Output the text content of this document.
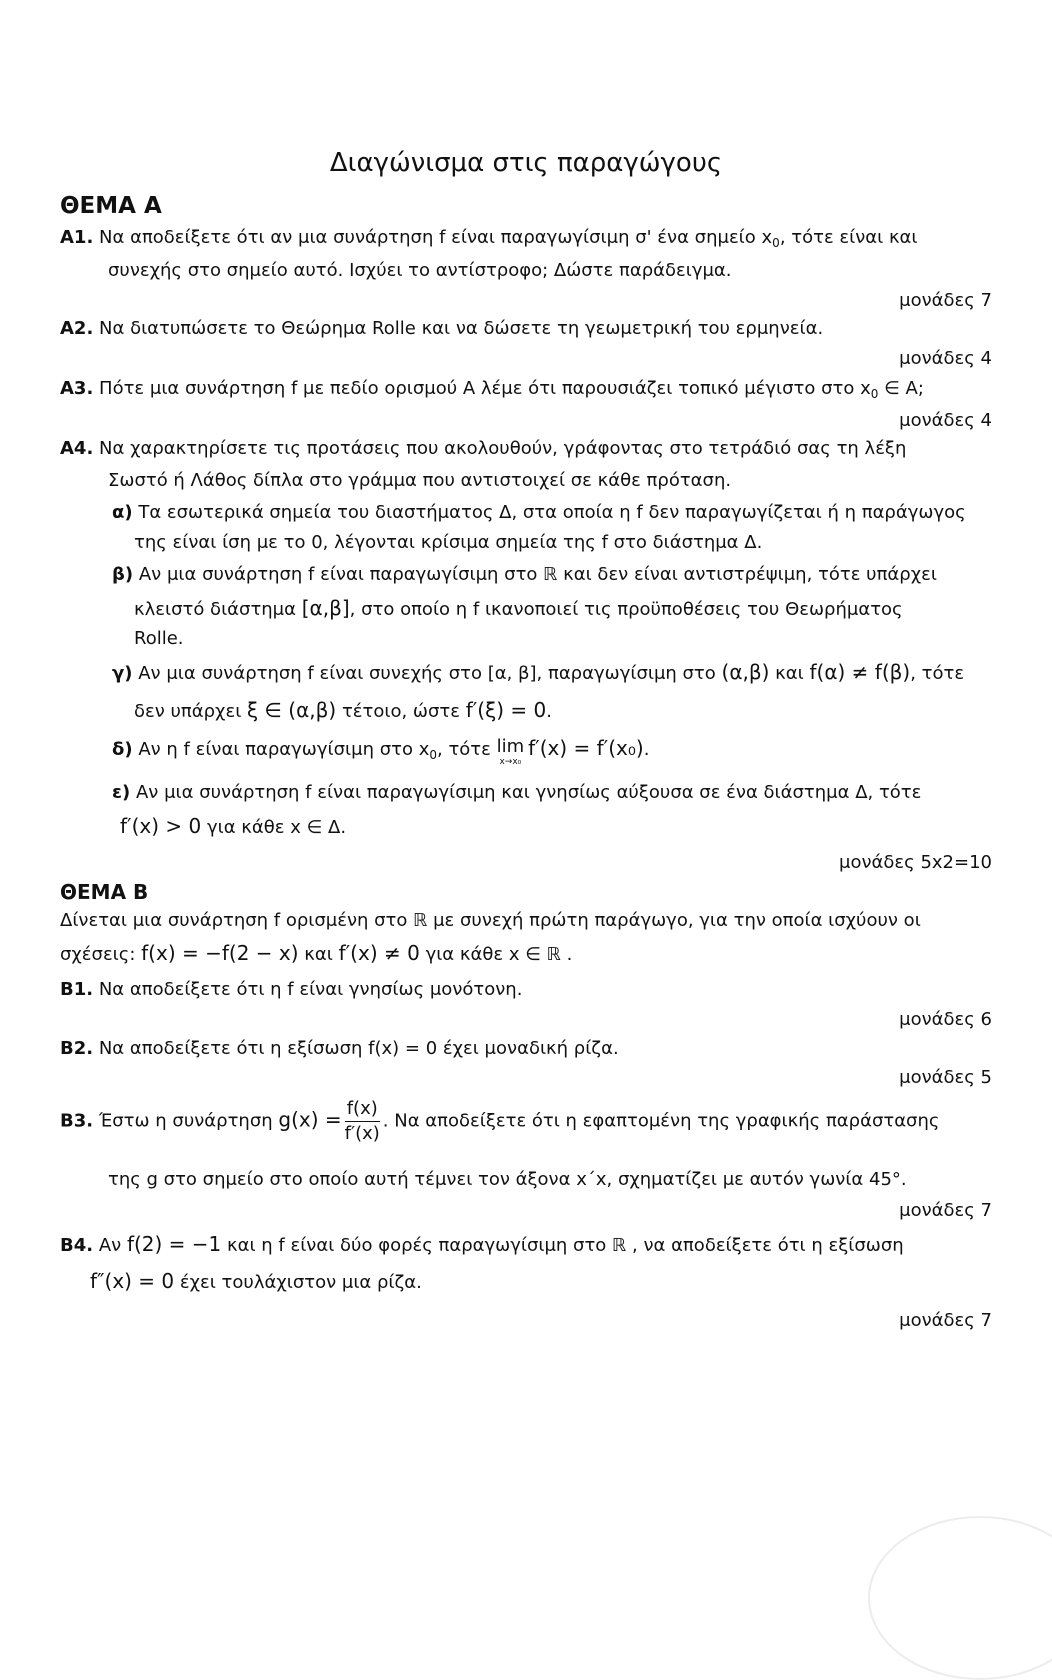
Διαγώνισμα στις παραγώγους
ΘΕΜΑ Α
Α1. Να αποδείξετε ότι αν μια συνάρτηση f είναι παραγωγίσιμη σ' ένα σημείο $x_0$, τότε είναι και
συνεχής στο σημείο αυτό. Ισχύει το αντίστροφο; Δώστε παράδειγμα.
μονάδες 7
Α2. Να διατυπώσετε το Θεώρημα Rolle και να δώσετε τη γεωμετρική του ερμηνεία.
μονάδες 4
Α3. Πότε μια συνάρτηση f με πεδίο ορισμού Α λέμε ότι παρουσιάζει τοπικό μέγιστο στο $x_0$ ∈ A;
μονάδες 4
Α4. Να χαρακτηρίσετε τις προτάσεις που ακολουθούν, γράφοντας στο τετράδιό σας τη λέξη
Σωστό ή Λάθος δίπλα στο γράμμα που αντιστοιχεί σε κάθε πρόταση.
α) Τα εσωτερικά σημεία του διαστήματος Δ, στα οποία η f δεν παραγωγίζεται ή η παράγωγος
της είναι ίση με το 0, λέγονται κρίσιμα σημεία της f στο διάστημα Δ.
β) Αν μια συνάρτηση f είναι παραγωγίσιμη στο ℝ και δεν είναι αντιστρέψιμη, τότε υπάρχει
κλειστό διάστημα [α,β], στο οποίο η f ικανοποιεί τις προϋποθέσεις του Θεωρήματος
Rolle.
γ) Αν μια συνάρτηση f είναι συνεχής στο [α, β], παραγωγίσιμη στο (α,β) και f(α) ≠ f(β), τότε
δεν υπάρχει ξ ∈ (α,β) τέτοιο, ώστε f′(ξ) = 0.
δ) Αν η f είναι παραγωγίσιμη στο $x_0$, τότε lim
x→x₀
f′(x) = f′(x₀).
ε) Αν μια συνάρτηση f είναι παραγωγίσιμη και γνησίως αύξουσα σε ένα διάστημα Δ, τότε
f′(x) > 0 για κάθε x ∈ Δ.
μονάδες 5x2=10
ΘΕΜΑ Β
Δίνεται μια συνάρτηση f ορισμένη στο ℝ με συνεχή πρώτη παράγωγο, για την οποία ισχύουν οι
σχέσεις: f(x) = −f(2 − x) και f′(x) ≠ 0 για κάθε x ∈ ℝ .
Β1. Να αποδείξετε ότι η f είναι γνησίως μονότονη.
μονάδες 6
Β2. Να αποδείξετε ότι η εξίσωση f(x) = 0 έχει μοναδική ρίζα.
μονάδες 5
Β3. Έστω η συνάρτηση $g(x) = \frac{f(x)}{f'(x)}$ . Να αποδείξετε ότι η εφαπτομένη της γραφικής παράστασης
της g στο σημείο στο οποίο αυτή τέμνει τον άξονα x΄x, σχηματίζει με αυτόν γωνία 45°.
μονάδες 7
Β4. Αν f(2) = −1 και η f είναι δύο φορές παραγωγίσιμη στο ℝ , να αποδείξετε ότι η εξίσωση
f″(x) = 0 έχει τουλάχιστον μια ρίζα.
μονάδες 7
